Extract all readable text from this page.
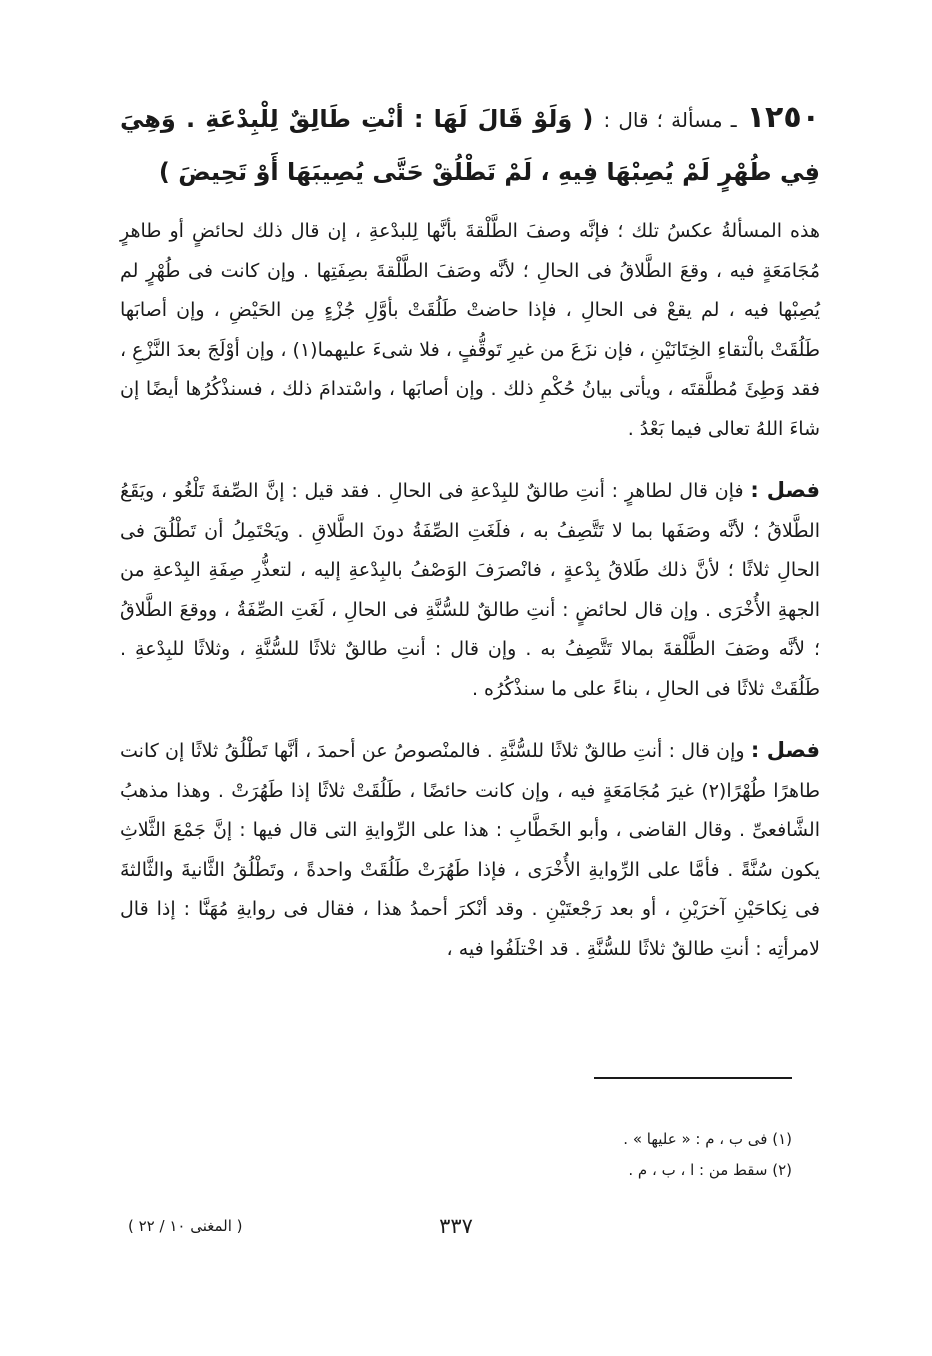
١٢٥٠ ـ مسألة ؛ قال : ( وَلَوْ قَالَ لَهَا : أنْتِ طَالِقٌ لِلْبِدْعَةِ . وَهِيَ فِي طُهْرٍ لَمْ يُصِبْهَا فِيهِ ، لَمْ تَطْلُقْ حَتَّى يُصِيبَهَا أَوْ تَحِيضَ )

هذه المسألةُ عكسُ تلك ؛ فإنَّه وصفَ الطَّلْقةَ بأنَّها لِلبدْعةِ ، إن قال ذلك لحائضٍ أو طاهرٍ مُجَامَعَةٍ فيه ، وقعَ الطَّلاقُ فى الحالِ ؛ لأنَّه وصَفَ الطَّلْقةَ بصِفَتِها . وإن كانت فى طُهْرٍ لم يُصِبْها فيه ، لم يقعْ فى الحالِ ، فإذا حاضتْ طَلُقَتْ بأوَّلِ جُزْءٍ مِن الحَيْضِ ، وإن أصابَها طَلُقَتْ بالْتقاءِ الخِتَانَيْنِ ، فإن نزَعَ من غيرِ تَوقُّفٍ ، فلا شىءَ عليهما(١) ، وإن أوْلَجَ بعدَ النَّزْعِ ، فقد وَطِئَ مُطلَّقتَه ، ويأتى بيانُ حُكْمِ ذلك . وإن أصابَها ، واسْتدامَ ذلك ، فسنذْكُرُها أيضًا إن شاءَ اللهُ تعالى فيما بَعْدُ .

فصل : فإن قال لطاهرٍ : أنتِ طالقٌ للبِدْعةِ فى الحالِ . فقد قيل : إنَّ الصِّفةَ تَلْغُو ، ويَقَعُ الطَّلاقُ ؛ لأنَّه وصَفَها بما لا تَتَّصِفُ به ، فلَغَتِ الصِّفَةُ دونَ الطَّلاقِ . ويَحْتَمِلُ أن تَطْلُقَ فى الحالِ ثلاثًا ؛ لأنَّ ذلك طَلاقُ بِدْعةٍ ، فانْصرَفَ الوَصْفُ بالبِدْعةِ إليه ، لتعذُّرِ صِفَةِ البِدْعةِ من الجهةِ الأُخْرَى . وإن قال لحائضٍ : أنتِ طالقٌ للسُّنَّةِ فى الحالِ ، لَغَتِ الصِّفَةُ ، ووقعَ الطَّلاقُ ؛ لأنَّه وصَفَ الطَّلْقةَ بمالا تَتَّصِفُ به . وإن قال : أنتِ طالقٌ ثلاثًا للسُّنَّةِ ، وثلاثًا للبِدْعةِ . طَلُقَتْ ثلاثًا فى الحالِ ، بناءً على ما سنذْكُرُه .

فصل : وإن قال : أنتِ طالقٌ ثلاثًا للسُّنَّةِ . فالمنْصوصُ عن أحمدَ ، أنَّها تَطْلُقُ ثلاثًا إن كانت طاهرًا طُهْرًا(٢) غيرَ مُجَامَعَةٍ فيه ، وإن كانت حائضًا ، طَلُقَتْ ثلاثًا إذا طَهُرَتْ . وهذا مذهبُ الشَّافعىِّ . وقال القاضى ، وأبو الخَطَّابِ : هذا على الرِّوايةِ التى قال فيها : إنَّ جَمْعَ الثَّلاثِ يكون سُنَّةً . فأمَّا على الرِّوايةِ الأُخْرَى ، فإذا طَهُرَتْ طَلُقَتْ واحدةً ، وتَطْلُقُ الثَّانيةَ والثَّالثةَ فى نِكاحَيْنِ آخرَيْنِ ، أو بعد رَجْعتَيْنِ . وقد أنْكرَ أحمدُ هذا ، فقال فى روايةِ مُهَنَّا : إذا قال لامرأتِه : أنتِ طالقٌ ثلاثًا للسُّنَّةِ . قد اخْتلَفُوا فيه ،

(١) فى ب ، م : « عليها » .
(٢) سقط من : ا ، ب ، م .
٣٣٧
( المغنى ١٠ / ٢٢ )
